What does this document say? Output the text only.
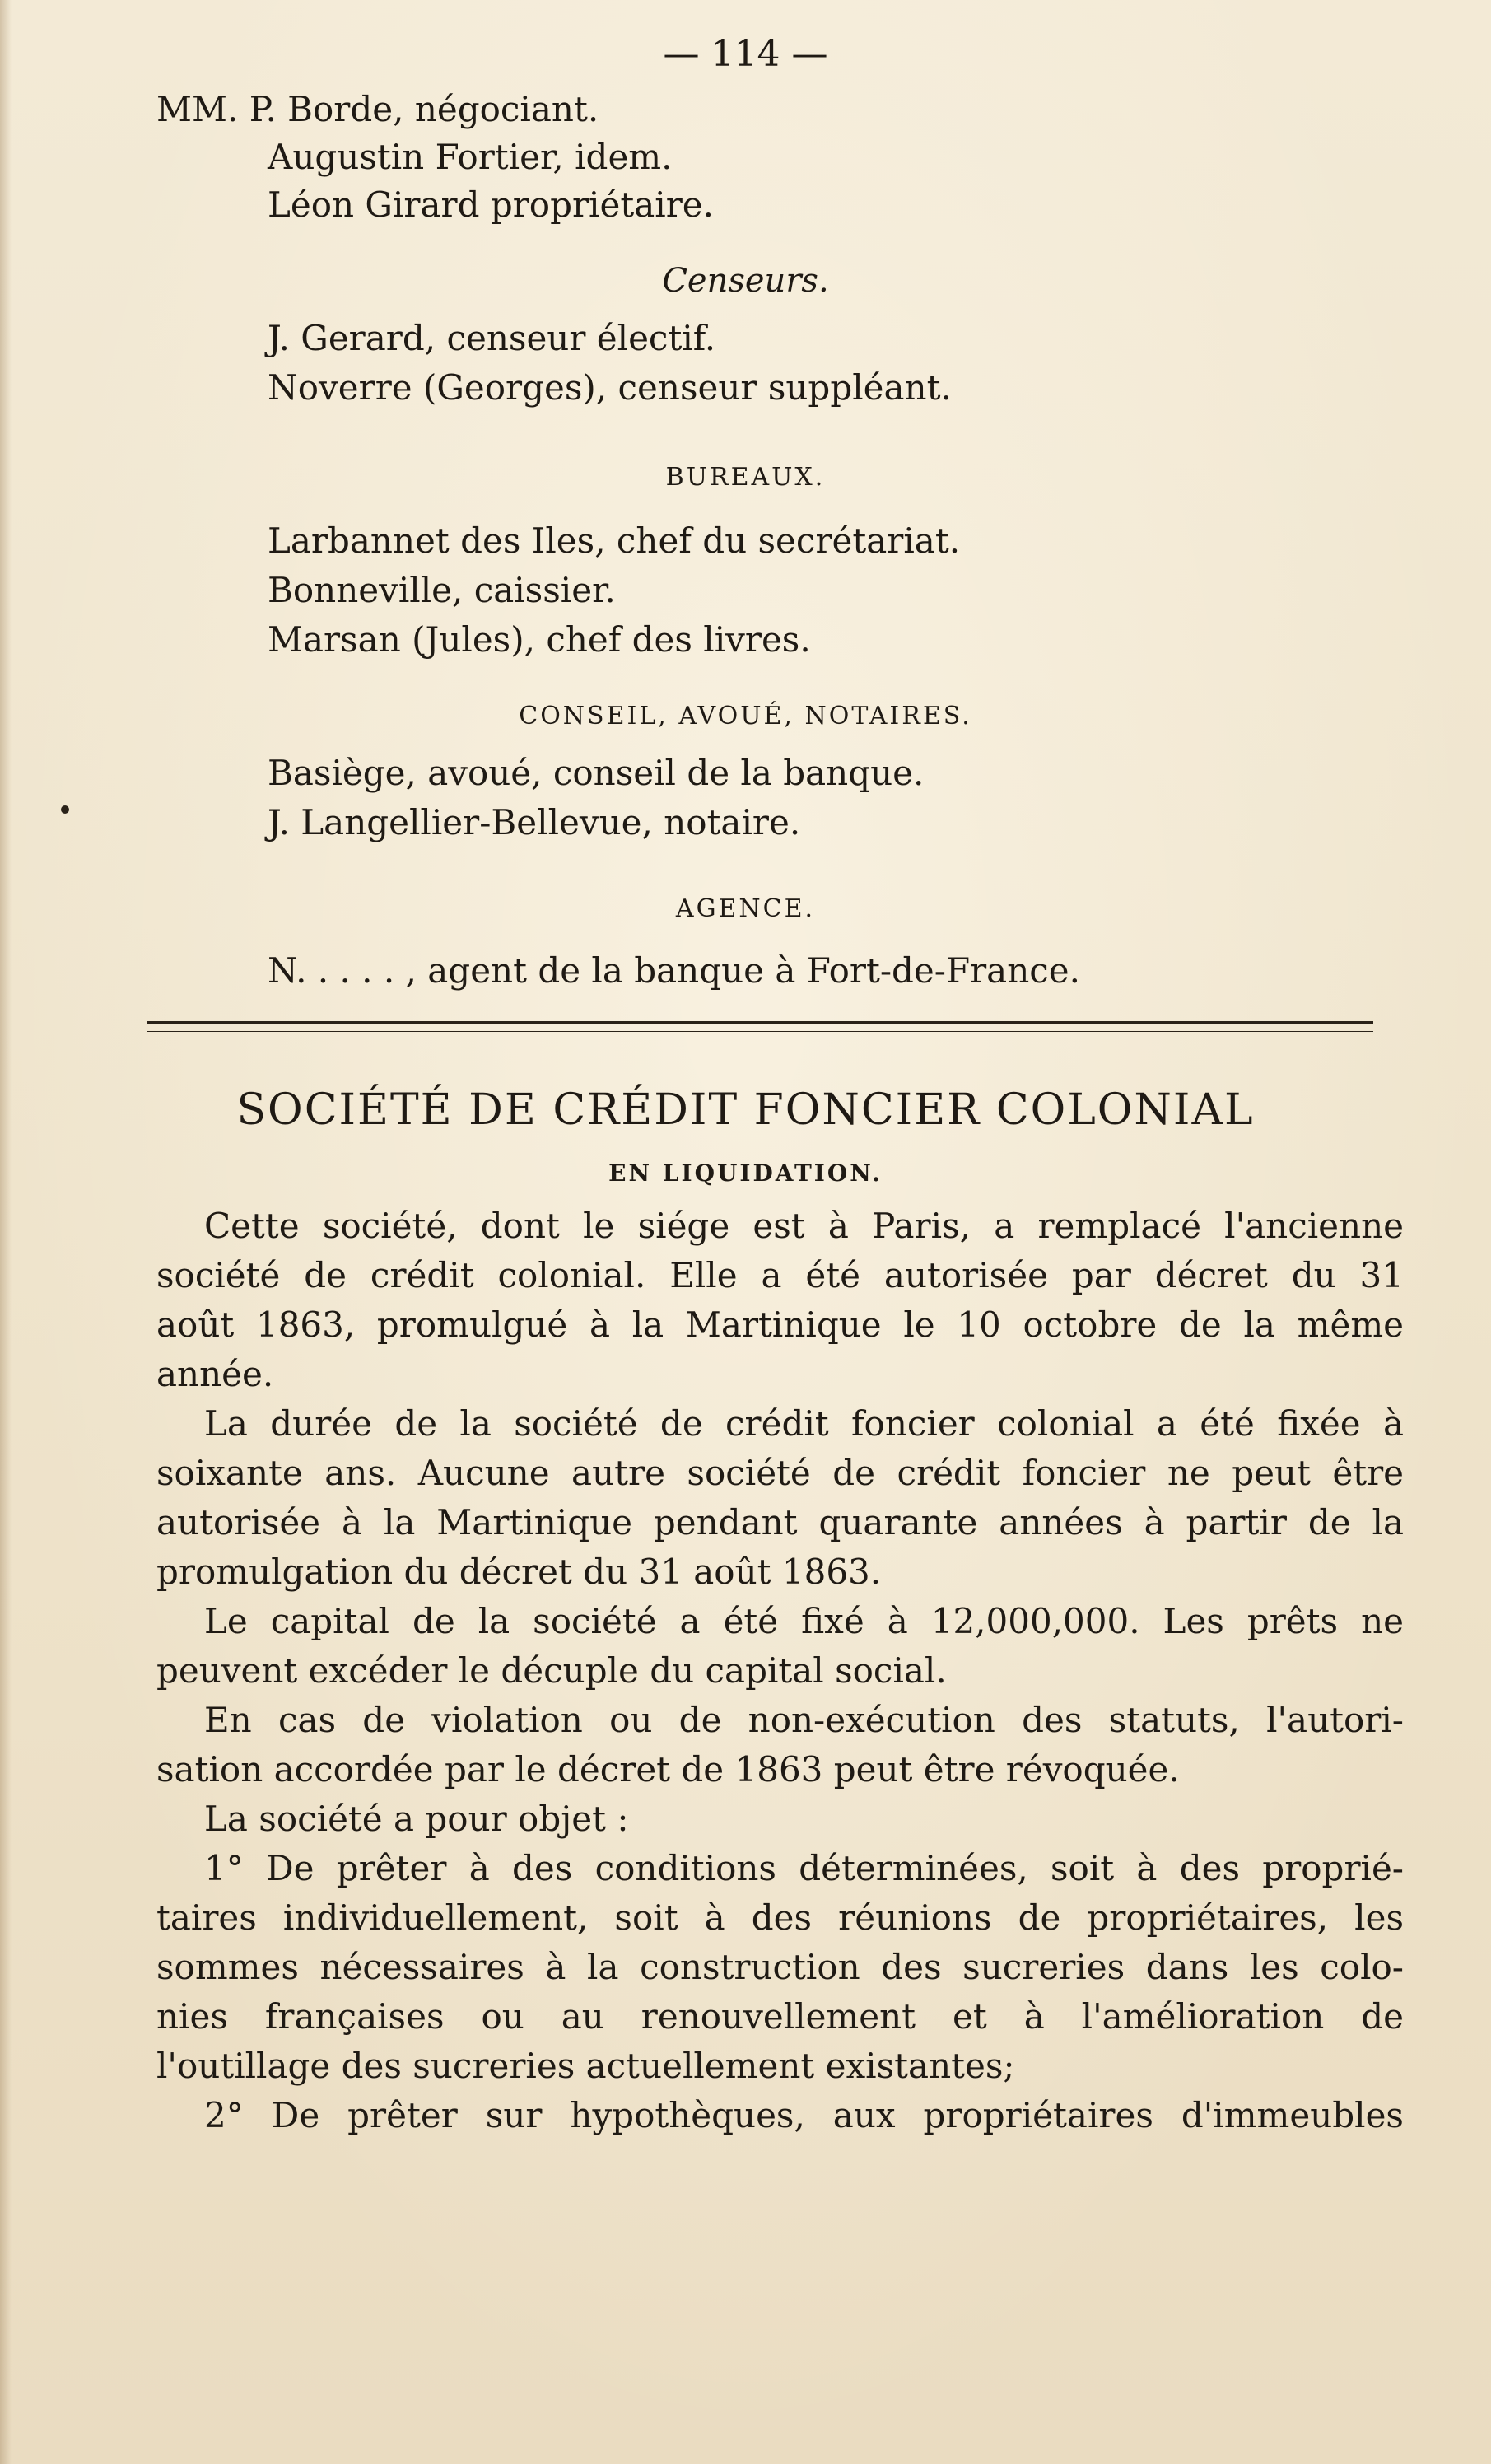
— 114 —
MM. P. Borde, négociant.
Augustin Fortier, idem.
Léon Girard propriétaire.
Censeurs.
J. Gerard, censeur électif.
Noverre (Georges), censeur suppléant.
BUREAUX.
Larbannet des Iles, chef du secrétariat.
Bonneville, caissier.
Marsan (Jules), chef des livres.
CONSEIL, AVOUÉ, NOTAIRES.
Basiège, avoué, conseil de la banque.
J. Langellier-Bellevue, notaire.
AGENCE.
N. . . . . , agent de la banque à Fort-de-France.
SOCIÉTÉ DE CRÉDIT FONCIER COLONIAL
EN LIQUIDATION.
Cette société, dont le siége est à Paris, a remplacé l'ancienne
société de crédit colonial. Elle a été autorisée par décret du 31
août 1863, promulgué à la Martinique le 10 octobre de la même
année.
La durée de la société de crédit foncier colonial a été fixée à
soixante ans. Aucune autre société de crédit foncier ne peut être
autorisée à la Martinique pendant quarante années à partir de la
promulgation du décret du 31 août 1863.
Le capital de la société a été fixé à 12,000,000. Les prêts ne
peuvent excéder le décuple du capital social.
En cas de violation ou de non-exécution des statuts, l'autori-
sation accordée par le décret de 1863 peut être révoquée.
La société a pour objet :
1° De prêter à des conditions déterminées, soit à des proprié-
taires individuellement, soit à des réunions de propriétaires, les
sommes nécessaires à la construction des sucreries dans les colo-
nies françaises ou au renouvellement et à l'amélioration de
l'outillage des sucreries actuellement existantes;
2° De prêter sur hypothèques, aux propriétaires d'immeubles
